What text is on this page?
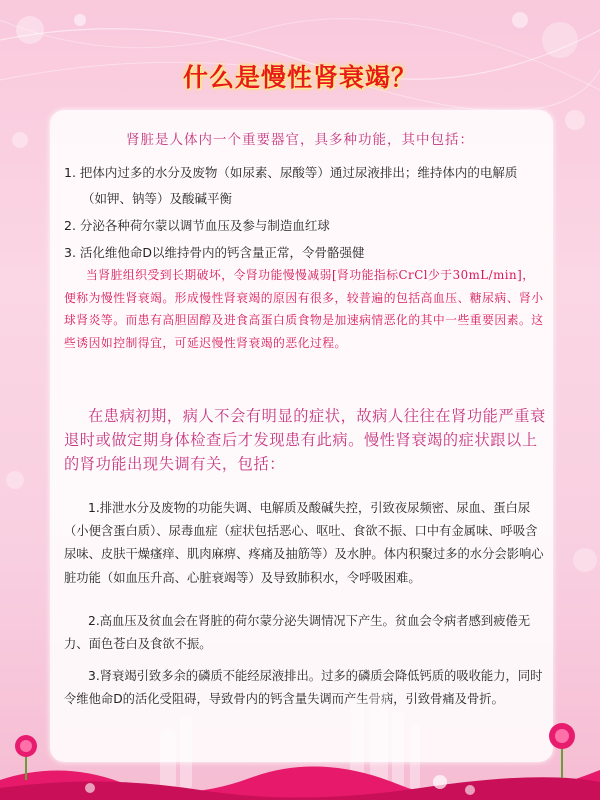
什么是慢性肾衰竭？
肾脏是人体内一个重要器官，具多种功能，其中包括：
1. 把体内过多的水分及废物（如尿素、尿酸等）通过尿液排出；维持体内的电解质
（如钾、钠等）及酸碱平衡
2. 分泌各种荷尔蒙以调节血压及参与制造血红球
3. 活化维他命D以维持骨内的钙含量正常，令骨骼强健
当肾脏组织受到长期破坏，令肾功能慢慢减弱[肾功能指标CrCl少于30mL/min]，便称为慢性肾衰竭。形成慢性肾衰竭的原因有很多，较普遍的包括高血压、糖尿病、肾小球肾炎等。而患有高胆固醇及进食高蛋白质食物是加速病情恶化的其中一些重要因素。这些诱因如控制得宜，可延迟慢性肾衰竭的恶化过程。
在患病初期，病人不会有明显的症状，故病人往往在肾功能严重衰退时或做定期身体检查后才发现患有此病。慢性肾衰竭的症状跟以上的肾功能出现失调有关，包括：
1.排泄水分及废物的功能失调、电解质及酸碱失控，引致夜尿频密、尿血、蛋白尿（小便含蛋白质）、尿毒血症（症状包括恶心、呕吐、食欲不振、口中有金属味、呼吸含尿味、皮肤干燥瘙痒、肌肉麻痹、疼痛及抽筋等）及水肿。体内积聚过多的水分会影响心脏功能（如血压升高、心脏衰竭等）及导致肺积水，令呼吸困难。
2.高血压及贫血会在肾脏的荷尔蒙分泌失调情况下产生。贫血会令病者感到疲倦无力、面色苍白及食欲不振。
3.肾衰竭引致多余的磷质不能经尿液排出。过多的磷质会降低钙质的吸收能力，同时令维他命D的活化受阻碍，导致骨内的钙含量失调而产生骨病，引致骨痛及骨折。
